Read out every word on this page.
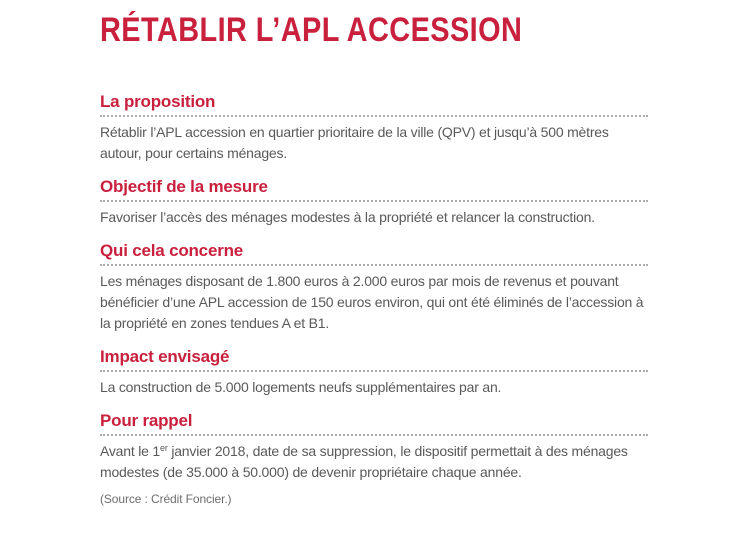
RÉTABLIR L’APL ACCESSION
La proposition

Rétablir l’APL accession en quartier prioritaire de la ville (QPV) et jusqu’à 500 mètres autour, pour certains ménages.

Objectif de la mesure

Favoriser l’accès des ménages modestes à la propriété et relancer la construction.

Qui cela concerne

Les ménages disposant de 1.800 euros à 2.000 euros par mois de revenus et pouvant bénéficier d’une APL accession de 150 euros environ, qui ont été éliminés de l’accession à la propriété en zones tendues A et B1.

Impact envisagé

La construction de 5.000 logements neufs supplémentaires par an.

Pour rappel

Avant le 1er janvier 2018, date de sa suppression, le dispositif permettait à des ménages modestes (de 35.000 à 50.000) de devenir propriétaire chaque année.

(Source : Crédit Foncier.)
